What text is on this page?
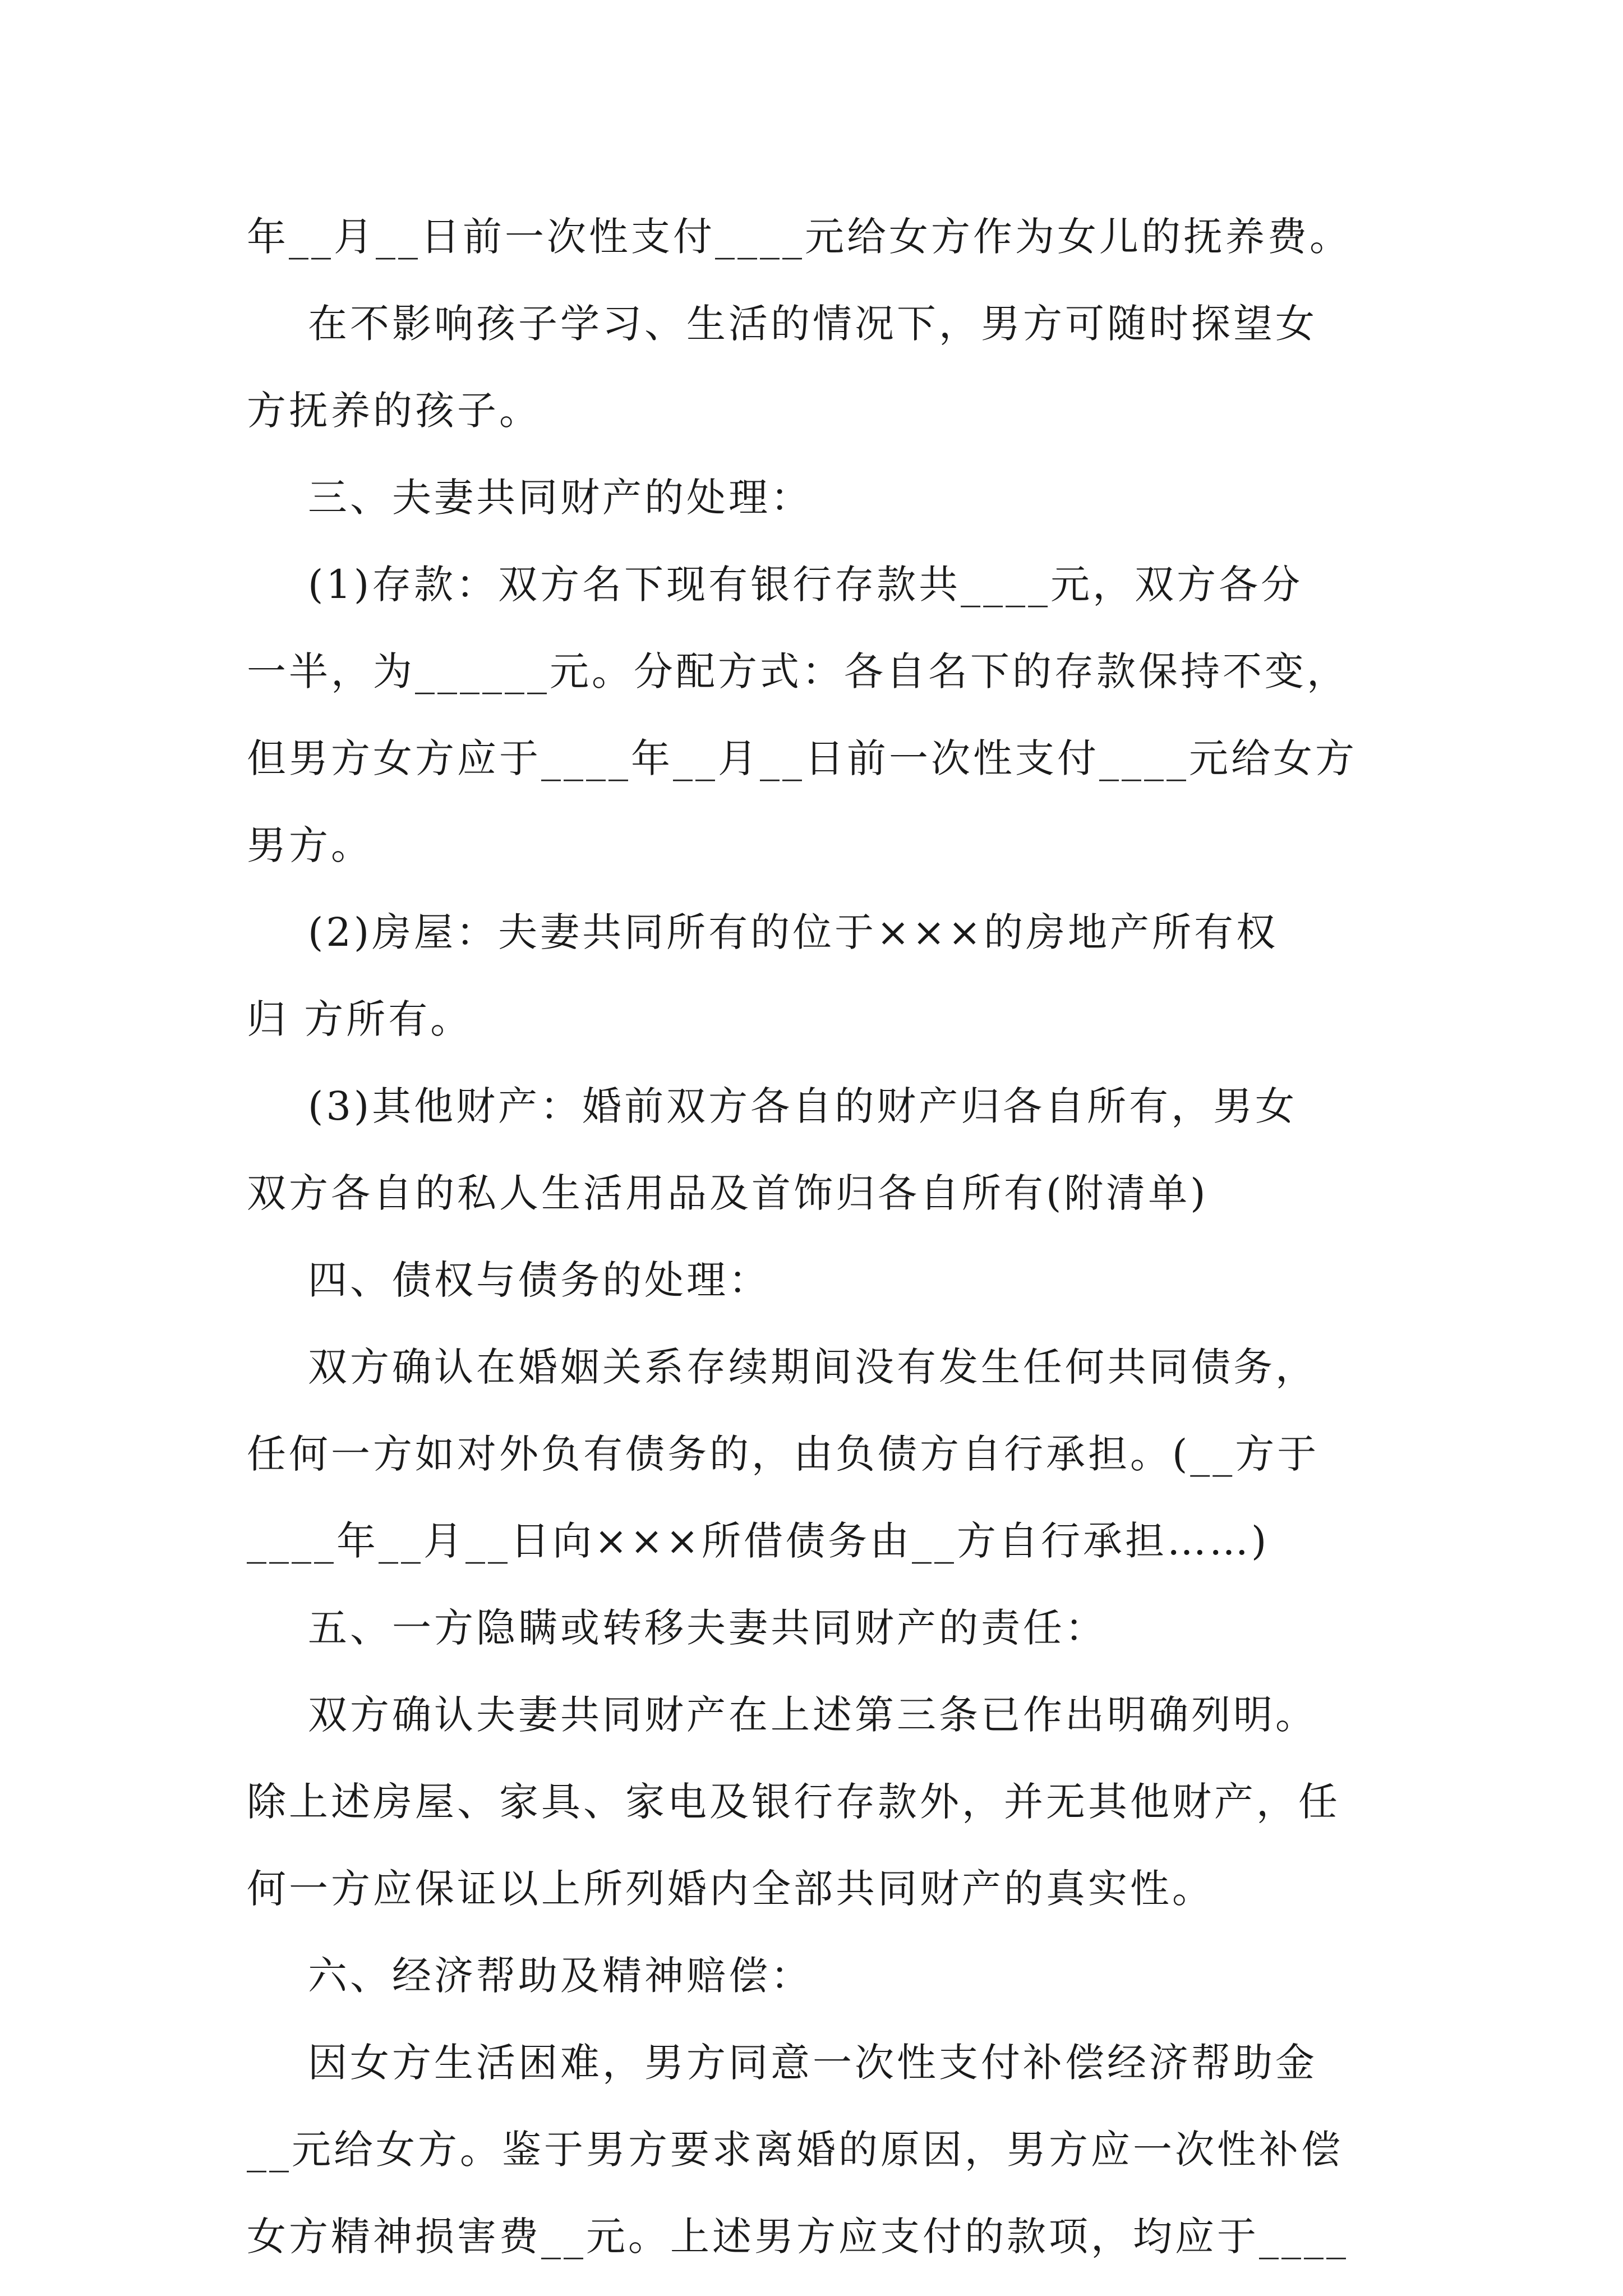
年__月__日前一次性支付____元给女方作为女儿的抚养费。
在不影响孩子学习、生活的情况下，男方可随时探望女
方抚养的孩子。
三、夫妻共同财产的处理：
(1)存款：双方名下现有银行存款共____元，双方各分
一半，为______元。分配方式：各自名下的存款保持不变，
但男方女方应于____年__月__日前一次性支付____元给女方
男方。
(2)房屋：夫妻共同所有的位于×××的房地产所有权
归 方所有。
(3)其他财产：婚前双方各自的财产归各自所有，男女
双方各自的私人生活用品及首饰归各自所有(附清单)
四、债权与债务的处理：
双方确认在婚姻关系存续期间没有发生任何共同债务，
任何一方如对外负有债务的，由负债方自行承担。(__方于
____年__月__日向×××所借债务由__方自行承担……)
五、一方隐瞒或转移夫妻共同财产的责任：
双方确认夫妻共同财产在上述第三条已作出明确列明。
除上述房屋、家具、家电及银行存款外，并无其他财产，任
何一方应保证以上所列婚内全部共同财产的真实性。
六、经济帮助及精神赔偿：
因女方生活困难，男方同意一次性支付补偿经济帮助金
__元给女方。鉴于男方要求离婚的原因，男方应一次性补偿
女方精神损害费__元。上述男方应支付的款项，均应于____
